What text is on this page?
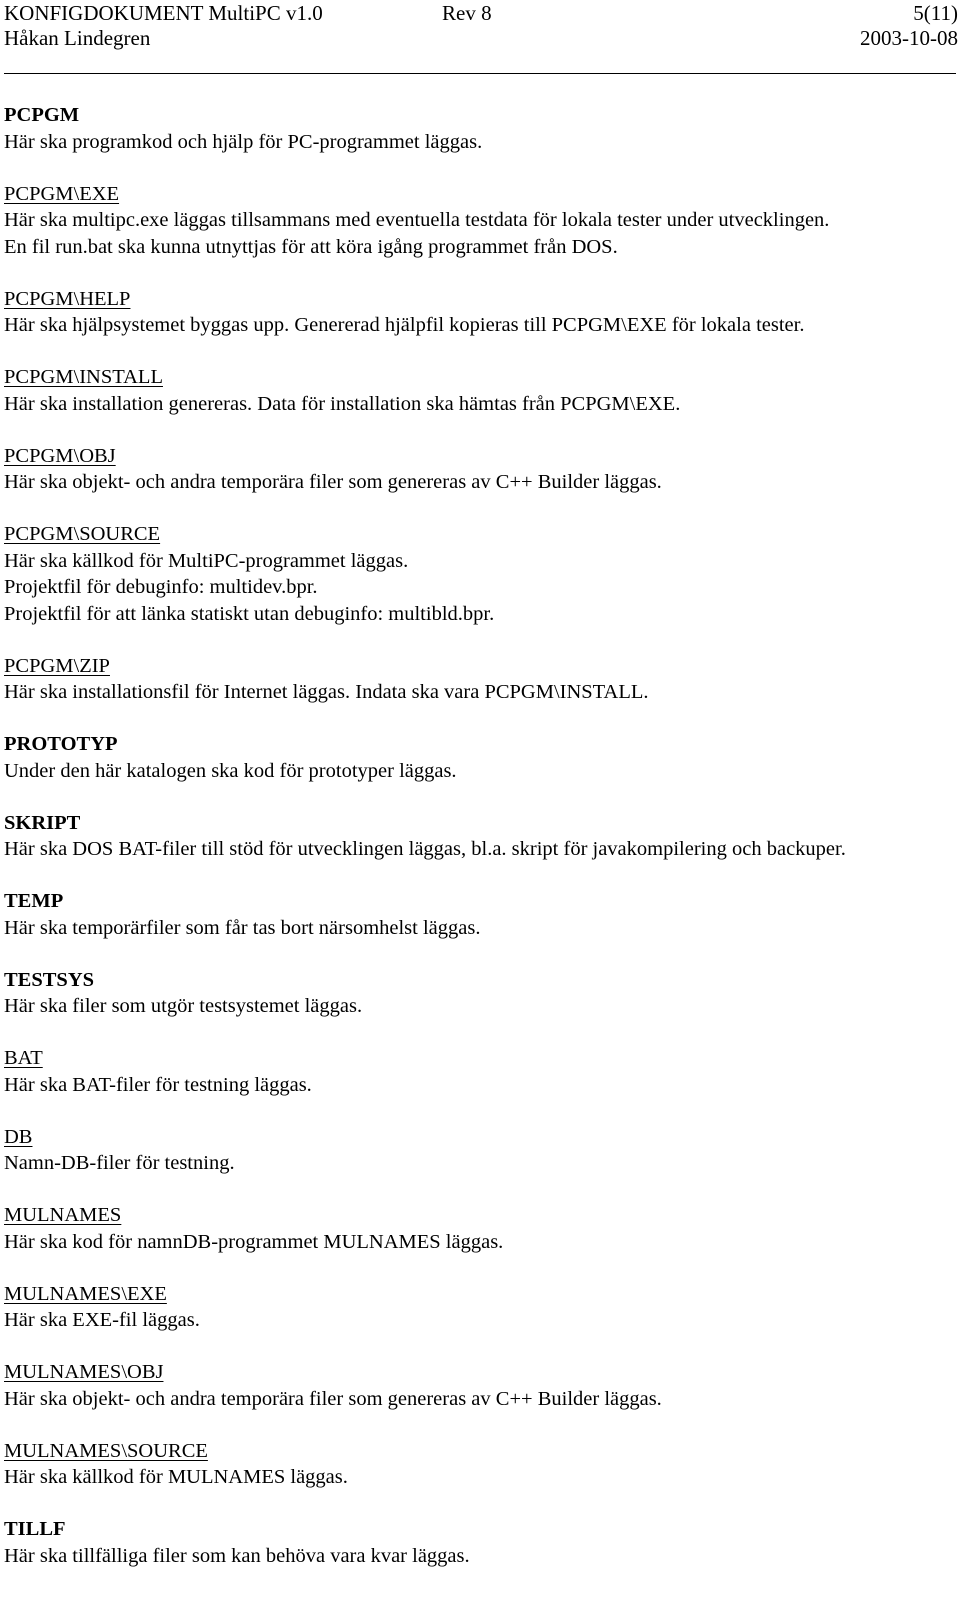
KONFIGDOKUMENT MultiPC v1.0	Rev 8	5(11)
Håkan Lindegren	2003-10-08
PCPGM
Här ska programkod och hjälp för PC-programmet läggas.
PCPGM\EXE
Här ska multipc.exe läggas tillsammans med eventuella testdata för lokala tester under utvecklingen.
En fil run.bat ska kunna utnyttjas för att köra igång programmet från DOS.
PCPGM\HELP
Här ska hjälpsystemet byggas upp. Genererad hjälpfil kopieras till PCPGM\EXE för lokala tester.
PCPGM\INSTALL
Här ska installation genereras. Data för installation ska hämtas från PCPGM\EXE.
PCPGM\OBJ
Här ska objekt- och andra temporära filer som genereras av C++ Builder läggas.
PCPGM\SOURCE
Här ska källkod för MultiPC-programmet läggas.
Projektfil för debuginfo: multidev.bpr.
Projektfil för att länka statiskt utan debuginfo: multibld.bpr.
PCPGM\ZIP
Här ska installationsfil för Internet läggas. Indata ska vara PCPGM\INSTALL.
PROTOTYP
Under den här katalogen ska kod för prototyper läggas.
SKRIPT
Här ska DOS BAT-filer till stöd för utvecklingen läggas, bl.a. skript för javakompilering och backuper.
TEMP
Här ska temporärfiler som får tas bort närsomhelst läggas.
TESTSYS
Här ska filer som utgör testsystemet läggas.
BAT
Här ska BAT-filer för testning läggas.
DB
Namn-DB-filer för testning.
MULNAMES
Här ska kod för namnDB-programmet MULNAMES läggas.
MULNAMES\EXE
Här ska EXE-fil läggas.
MULNAMES\OBJ
Här ska objekt- och andra temporära filer som genereras av C++ Builder läggas.
MULNAMES\SOURCE
Här ska källkod för MULNAMES läggas.
TILLF
Här ska tillfälliga filer som kan behöva vara kvar läggas.
